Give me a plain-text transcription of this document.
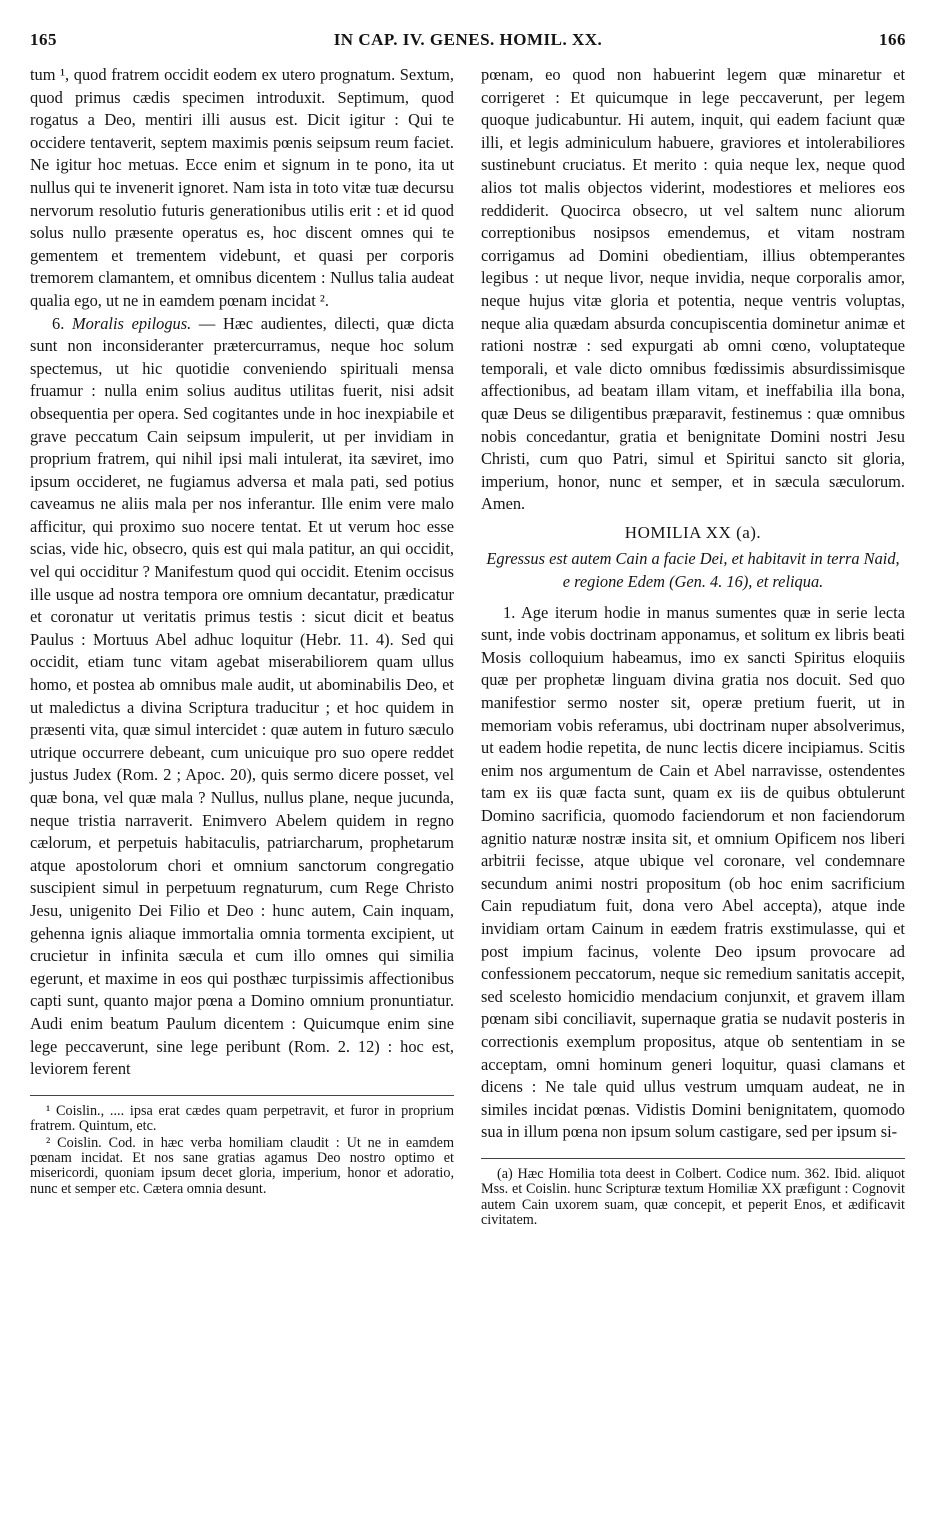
165	IN CAP. IV. GENES. HOMIL. XX.	166

tum ¹, quod fratrem occidit eodem ex utero prognatum. Sextum, quod primus cædis specimen introduxit. Septimum, quod rogatus a Deo, mentiri illi ausus est. Dicit igitur : Qui te occidere tentaverit, septem maximis pœnis seipsum reum faciet. Ne igitur hoc metuas. Ecce enim et signum in te pono, ita ut nullus qui te invenerit ignoret. Nam ista in toto vitæ tuæ decursu nervorum resolutio futuris generationibus utilis erit : et id quod solus nullo præsente operatus es, hoc discent omnes qui te gementem et trementem videbunt, et quasi per corporis tremorem clamantem, et omnibus dicentem : Nullus talia audeat qualia ego, ut ne in eamdem pœnam incidat ².

6. Moralis epilogus. — Hæc audientes, dilecti, quæ dicta sunt non inconsideranter prætercurramus, neque hoc solum spectemus, ut hic quotidie conveniendo spirituali mensa fruamur : nulla enim solius auditus utilitas fuerit, nisi adsit obsequentia per opera. Sed cogitantes unde in hoc inexpiabile et grave peccatum Cain seipsum impulerit, ut per invidiam in proprium fratrem, qui nihil ipsi mali intulerat, ita sæviret, imo ipsum occideret, ne fugiamus adversa et mala pati, sed potius caveamus ne aliis mala per nos inferantur. Ille enim vere malo afficitur, qui proximo suo nocere tentat. Et ut verum hoc esse scias, vide hic, obsecro, quis est qui mala patitur, an qui occidit, vel qui occiditur ? Manifestum quod qui occidit. Etenim occisus ille usque ad nostra tempora ore omnium decantatur, prædicatur et coronatur ut veritatis primus testis : sicut dicit et beatus Paulus : Mortuus Abel adhuc loquitur (Hebr. 11. 4). Sed qui occidit, etiam tunc vitam agebat miserabiliorem quam ullus homo, et postea ab omnibus male audit, ut abominabilis Deo, et ut maledictus a divina Scriptura traducitur ; et hoc quidem in præsenti vita, quæ simul intercidet : quæ autem in futuro sæculo utrique occurrere debeant, cum unicuique pro suo opere reddet justus Judex (Rom. 2 ; Apoc. 20), quis sermo dicere posset, vel quæ bona, vel quæ mala ? Nullus, nullus plane, neque jucunda, neque tristia narraverit. Enimvero Abelem quidem in regno cælorum, et perpetuis habitaculis, patriarcharum, prophetarum atque apostolorum chori et omnium sanctorum congregatio suscipient simul in perpetuum regnaturum, cum Rege Christo Jesu, unigenito Dei Filio et Deo : hunc autem, Cain inquam, gehenna ignis aliaque immortalia omnia tormenta excipient, ut crucietur in infinita sæcula et cum illo omnes qui similia egerunt, et maxime in eos qui posthæc turpissimis affectionibus capti sunt, quanto major pœna a Domino omnium pronuntiatur. Audi enim beatum Paulum dicentem : Quicumque enim sine lege peccaverunt, sine lege peribunt (Rom. 2. 12) : hoc est, leviorem ferent

¹ Coislin., .... ipsa erat cædes quam perpetravit, et furor in proprium fratrem. Quintum, etc.

² Coislin. Cod. in hæc verba homiliam claudit : Ut ne in eamdem pœnam incidat. Et nos sane gratias agamus Deo nostro optimo et misericordi, quoniam ipsum decet gloria, imperium, honor et adoratio, nunc et semper etc. Cætera omnia desunt.

pœnam, eo quod non habuerint legem quæ minaretur et corrigeret : Et quicumque in lege peccaverunt, per legem quoque judicabuntur. Hi autem, inquit, qui eadem faciunt quæ illi, et legis adminiculum habuere, graviores et intolerabiliores sustinebunt cruciatus. Et merito : quia neque lex, neque quod alios tot malis objectos viderint, modestiores et meliores eos reddiderit. Quocirca obsecro, ut vel saltem nunc aliorum correptionibus nosipsos emendemus, et vitam nostram corrigamus ad Domini obedientiam, illius obtemperantes legibus : ut neque livor, neque invidia, neque corporalis amor, neque hujus vitæ gloria et potentia, neque ventris voluptas, neque alia quædam absurda concupiscentia dominetur animæ et rationi nostræ : sed expurgati ab omni cœno, voluptateque temporali, et vale dicto omnibus fœdissimis absurdissimisque affectionibus, ad beatam illam vitam, et ineffabilia illa bona, quæ Deus se diligentibus præparavit, festinemus : quæ omnibus nobis concedantur, gratia et benignitate Domini nostri Jesu Christi, cum quo Patri, simul et Spiritui sancto sit gloria, imperium, honor, nunc et semper, et in sæcula sæculorum. Amen.

HOMILIA XX (a).
Egressus est autem Cain a facie Dei, et habitavit in terra Naid, e regione Edem (Gen. 4. 16), et reliqua.

1. Age iterum hodie in manus sumentes quæ in serie lecta sunt, inde vobis doctrinam apponamus, et solitum ex libris beati Mosis colloquium habeamus, imo ex sancti Spiritus eloquiis quæ per prophetæ linguam divina gratia nos docuit. Sed quo manifestior sermo noster sit, operæ pretium fuerit, ut in memoriam vobis referamus, ubi doctrinam nuper absolverimus, ut eadem hodie repetita, de nunc lectis dicere incipiamus. Scitis enim nos argumentum de Cain et Abel narravisse, ostendentes tam ex iis quæ facta sunt, quam ex iis de quibus obtulerunt Domino sacrificia, quomodo faciendorum et non faciendorum agnitio naturæ nostræ insita sit, et omnium Opificem nos liberi arbitrii fecisse, atque ubique vel coronare, vel condemnare secundum animi nostri propositum (ob hoc enim sacrificium Cain repudiatum fuit, dona vero Abel accepta), atque inde invidiam ortam Cainum in eædem fratris exstimulasse, qui et post impium facinus, volente Deo ipsum provocare ad confessionem peccatorum, neque sic remedium sanitatis accepit, sed scelesto homicidio mendacium conjunxit, et gravem illam pœnam sibi conciliavit, supernaque gratia se nudavit posteris in correctionis exemplum propositus, atque ob sententiam in se acceptam, omni hominum generi loquitur, quasi clamans et dicens : Ne tale quid ullus vestrum umquam audeat, ne in similes incidat pœnas. Vidistis Domini benignitatem, quomodo sua in illum pœna non ipsum solum castigare, sed per ipsum si-

(a) Hæc Homilia tota deest in Colbert. Codice num. 362. Ibid. aliquot Mss. et Coislin. hunc Scripturæ textum Homiliæ XX præfigunt : Cognovit autem Cain uxorem suam, quæ concepit, et peperit Enos, et ædificavit civitatem.
